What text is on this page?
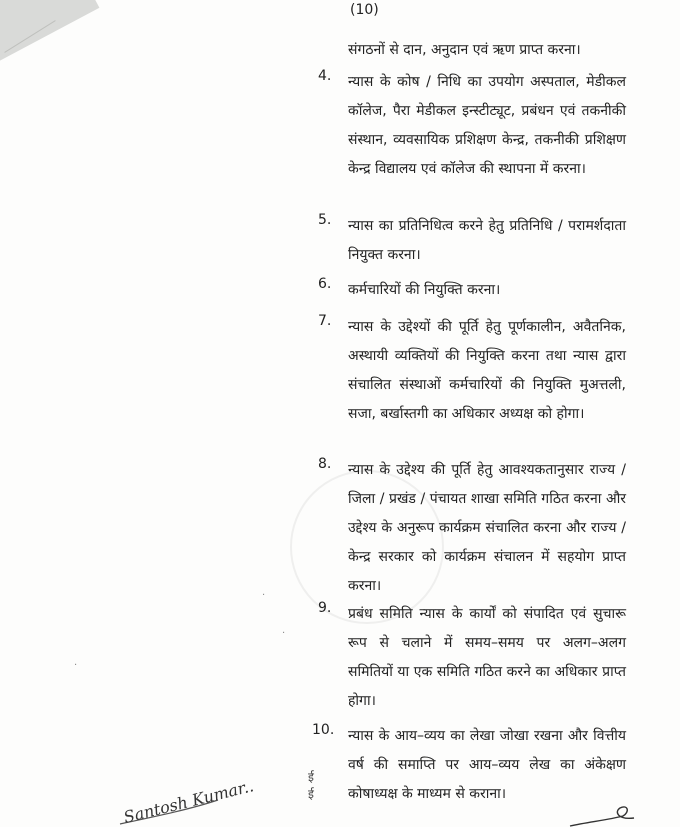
(10)
संगठनों से दान, अनुदान एवं ऋण प्राप्त करना।
4. न्यास के कोष / निधि का उपयोग अस्पताल, मेडीकल कॉलेज, पैरा मेडीकल इन्स्टीट्यूट, प्रबंधन एवं तकनीकी संस्थान, व्यवसायिक प्रशिक्षण केन्द्र, तकनीकी प्रशिक्षण केन्द्र विद्यालय एवं कॉलेज की स्थापना में करना।
5. न्यास का प्रतिनिधित्व करने हेतु प्रतिनिधि / परामर्शदाता नियुक्त करना।
6. कर्मचारियों की नियुक्ति करना।
7. न्यास के उद्देश्यों की पूर्ति हेतु पूर्णकालीन, अवैतनिक, अस्थायी व्यक्तियों की नियुक्ति करना तथा न्यास द्वारा संचालित संस्थाओं कर्मचारियों की नियुक्ति मुअत्तली, सजा, बर्खास्तगी का अधिकार अध्यक्ष को होगा।
8. न्यास के उद्देश्य की पूर्ति हेतु आवश्यकतानुसार राज्य / जिला / प्रखंड / पंचायत शाखा समिति गठित करना और उद्देश्य के अनुरूप कार्यक्रम संचालित करना और राज्य / केन्द्र सरकार को कार्यक्रम संचालन में सहयोग प्राप्त करना।
9. प्रबंध समिति न्यास के कार्यों को संपादित एवं सुचारू रूप से चलाने में समय–समय पर अलग–अलग समितियों या एक समिति गठित करने का अधिकार प्राप्त होगा।
10. न्यास के आय–व्यय का लेखा जोखा रखना और वित्तीय वर्ष की समाप्ति पर आय–व्यय लेख का अंकेक्षण कोषाध्यक्ष के माध्यम से कराना।
ई
ई
·
·
·
Santosh Kumar..
